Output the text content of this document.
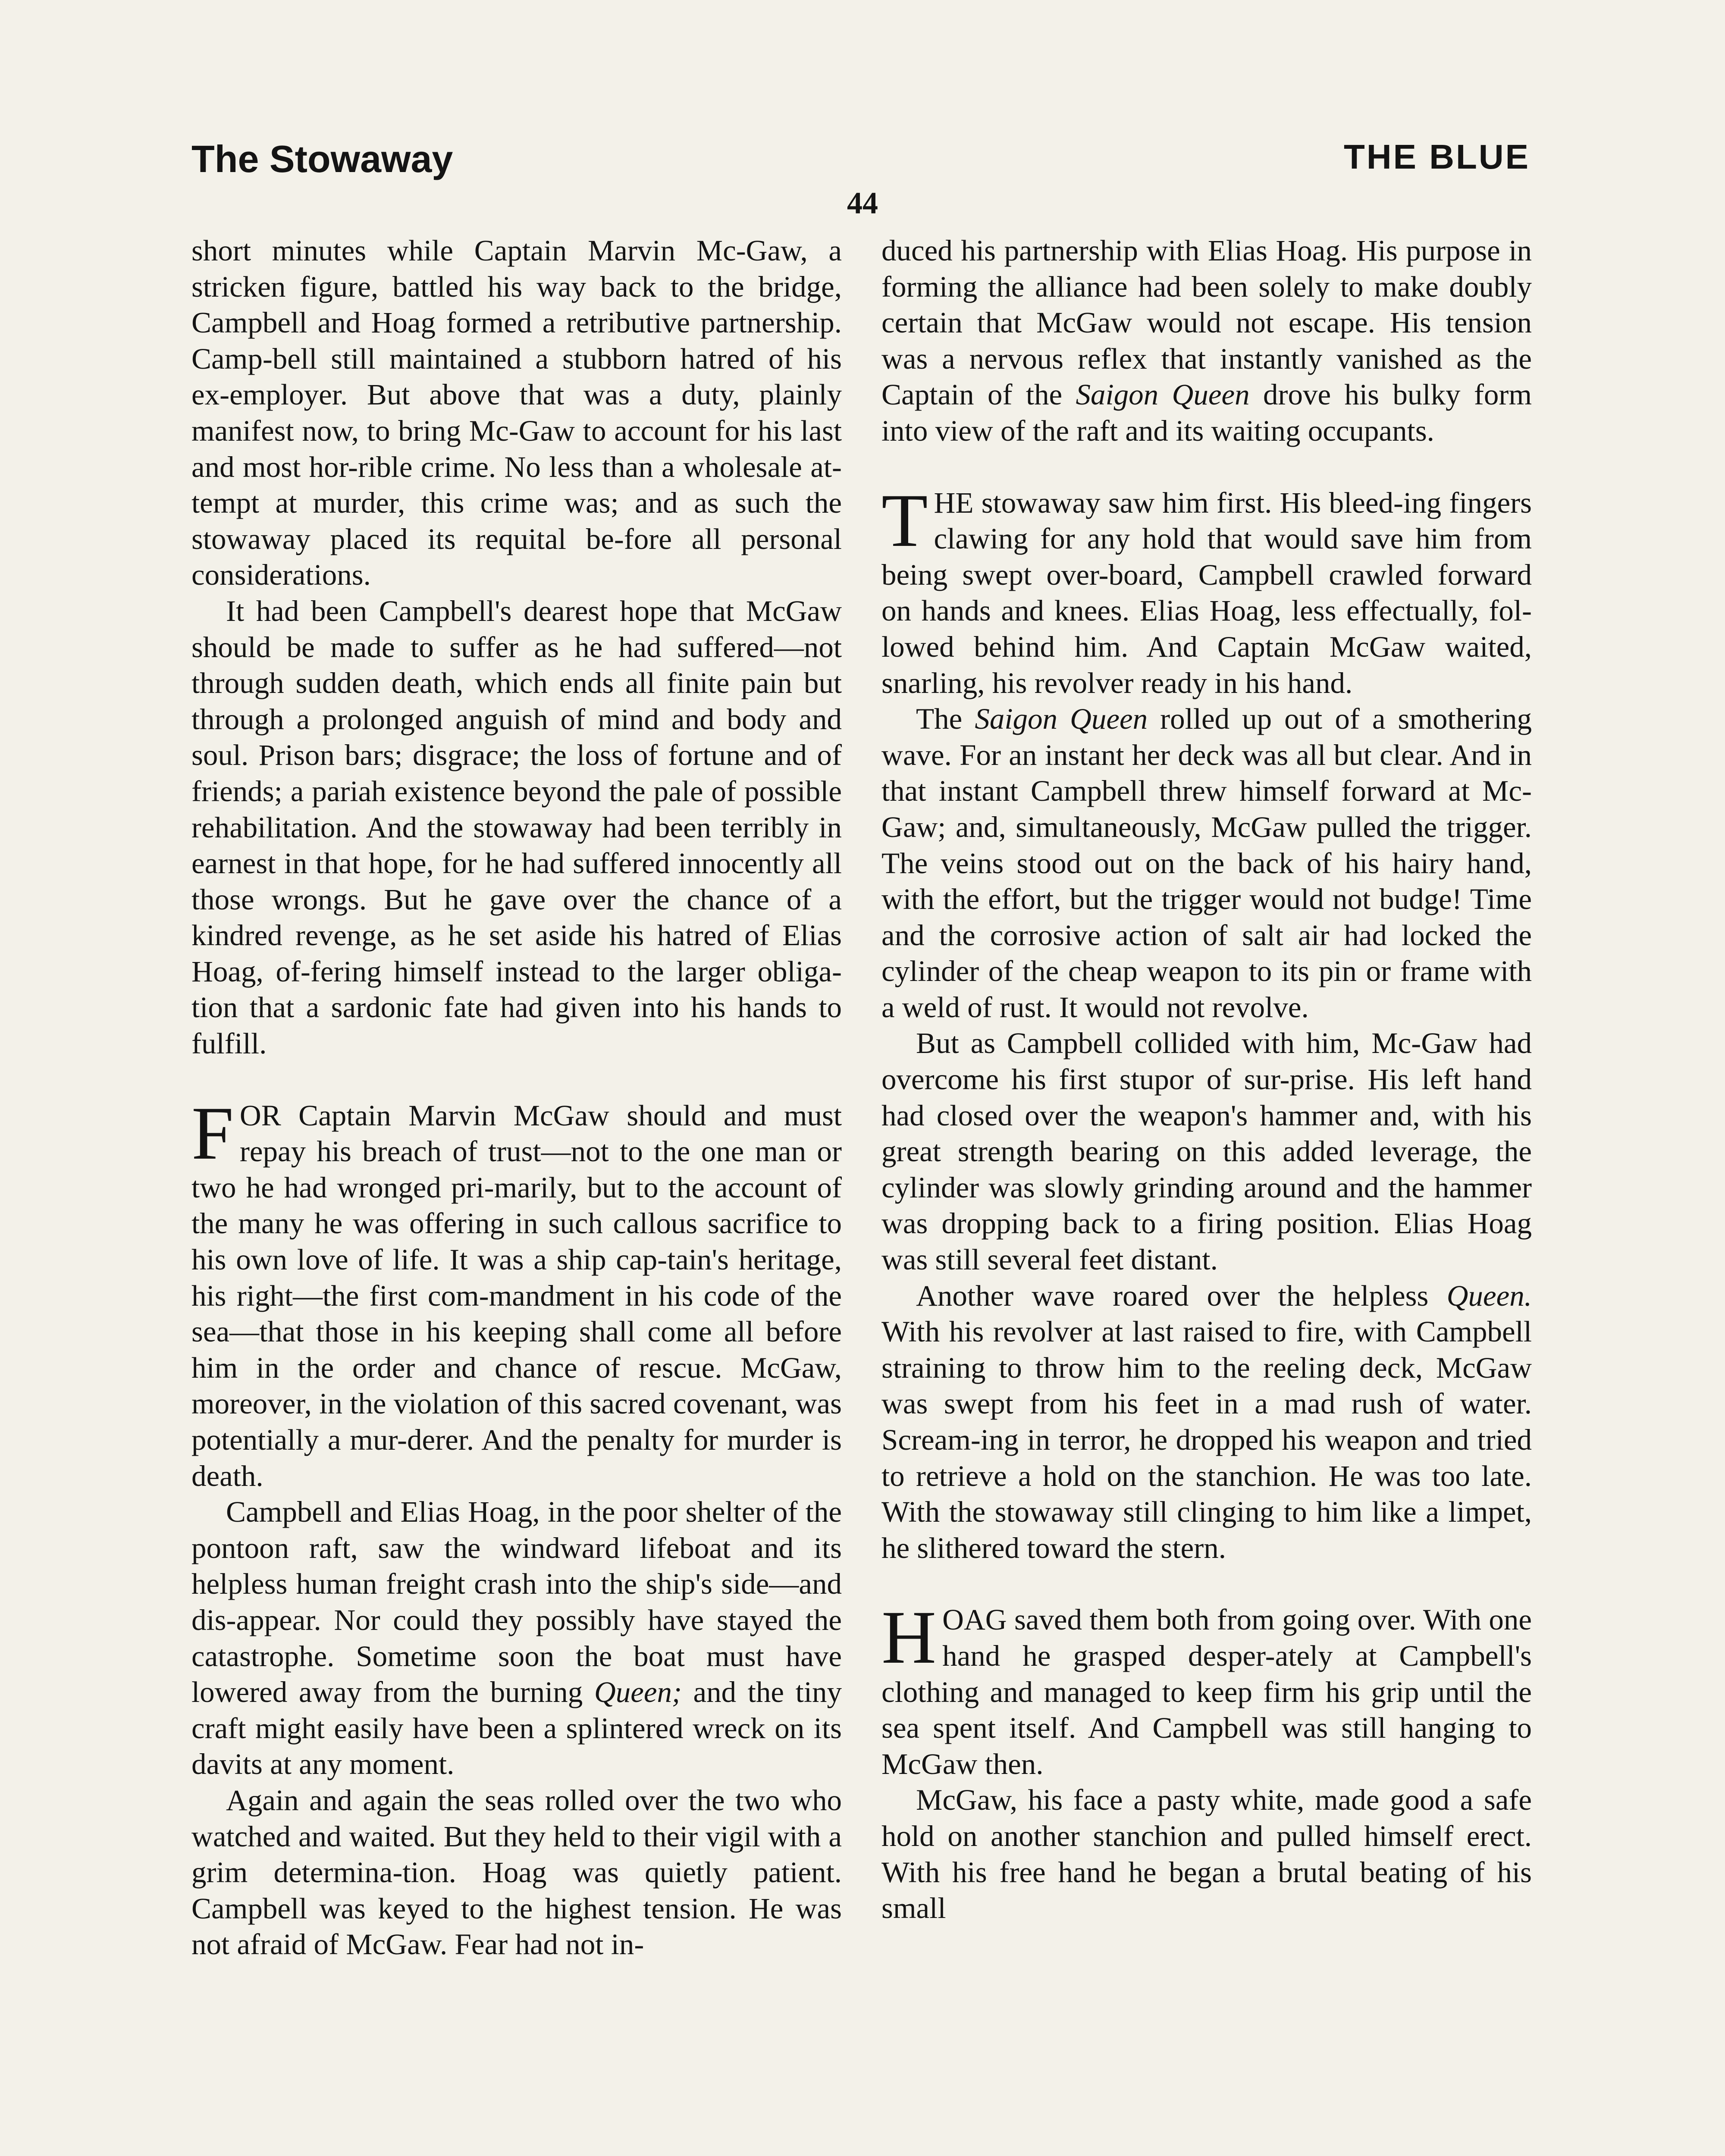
The Stowaway	THE BLUE
44

short minutes while Captain Marvin Mc-Gaw, a stricken figure, battled his way back to the bridge, Campbell and Hoag formed a retributive partnership. Camp-bell still maintained a stubborn hatred of his ex-employer. But above that was a duty, plainly manifest now, to bring Mc-Gaw to account for his last and most hor-rible crime. No less than a wholesale at-tempt at murder, this crime was; and as such the stowaway placed its requital be-fore all personal considerations.

It had been Campbell's dearest hope that McGaw should be made to suffer as he had suffered—not through sudden death, which ends all finite pain but through a prolonged anguish of mind and body and soul. Prison bars; disgrace; the loss of fortune and of friends; a pariah existence beyond the pale of possible rehabilitation. And the stowaway had been terribly in earnest in that hope, for he had suffered innocently all those wrongs. But he gave over the chance of a kindred revenge, as he set aside his hatred of Elias Hoag, of-fering himself instead to the larger obliga-tion that a sardonic fate had given into his hands to fulfill.

FOR Captain Marvin McGaw should and must repay his breach of trust—not to the one man or two he had wronged pri-marily, but to the account of the many he was offering in such callous sacrifice to his own love of life. It was a ship cap-tain's heritage, his right—the first com-mandment in his code of the sea—that those in his keeping shall come all before him in the order and chance of rescue. McGaw, moreover, in the violation of this sacred covenant, was potentially a mur-derer. And the penalty for murder is death.

Campbell and Elias Hoag, in the poor shelter of the pontoon raft, saw the windward lifeboat and its helpless human freight crash into the ship's side—and dis-appear. Nor could they possibly have stayed the catastrophe. Sometime soon the boat must have lowered away from the burning Queen; and the tiny craft might easily have been a splintered wreck on its davits at any moment.

Again and again the seas rolled over the two who watched and waited. But they held to their vigil with a grim determina-tion. Hoag was quietly patient. Campbell was keyed to the highest tension. He was not afraid of McGaw. Fear had not in-

duced his partnership with Elias Hoag. His purpose in forming the alliance had been solely to make doubly certain that McGaw would not escape. His tension was a nervous reflex that instantly vanished as the Captain of the Saigon Queen drove his bulky form into view of the raft and its waiting occupants.

THE stowaway saw him first. His bleed-ing fingers clawing for any hold that would save him from being swept over-board, Campbell crawled forward on hands and knees. Elias Hoag, less effectually, fol-lowed behind him. And Captain McGaw waited, snarling, his revolver ready in his hand.

The Saigon Queen rolled up out of a smothering wave. For an instant her deck was all but clear. And in that instant Campbell threw himself forward at Mc-Gaw; and, simultaneously, McGaw pulled the trigger. The veins stood out on the back of his hairy hand, with the effort, but the trigger would not budge! Time and the corrosive action of salt air had locked the cylinder of the cheap weapon to its pin or frame with a weld of rust. It would not revolve.

But as Campbell collided with him, Mc-Gaw had overcome his first stupor of sur-prise. His left hand had closed over the weapon's hammer and, with his great strength bearing on this added leverage, the cylinder was slowly grinding around and the hammer was dropping back to a firing position. Elias Hoag was still several feet distant.

Another wave roared over the helpless Queen. With his revolver at last raised to fire, with Campbell straining to throw him to the reeling deck, McGaw was swept from his feet in a mad rush of water. Scream-ing in terror, he dropped his weapon and tried to retrieve a hold on the stanchion. He was too late. With the stowaway still clinging to him like a limpet, he slithered toward the stern.

HOAG saved them both from going over. With one hand he grasped desper-ately at Campbell's clothing and managed to keep firm his grip until the sea spent itself. And Campbell was still hanging to McGaw then.

McGaw, his face a pasty white, made good a safe hold on another stanchion and pulled himself erect. With his free hand he began a brutal beating of his small
